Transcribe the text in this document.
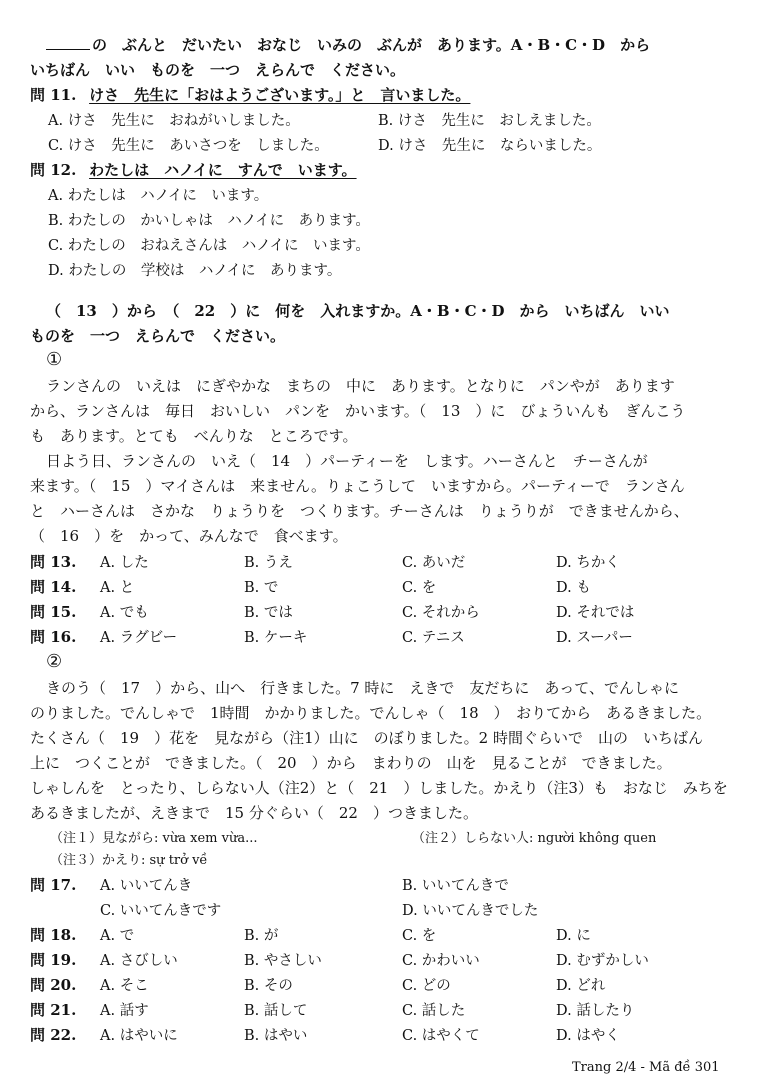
の　ぶんと　だいたい　おなじ　いみの　ぶんが　あります。A・B・C・D　から
いちばん　いい　ものを　一つ　えらんで　ください。
問 11. けさ　先生に「おはようございます。」と　言いました。
A. けさ　先生に　おねがいしました。	B. けさ　先生に　おしえました。
C. けさ　先生に　あいさつを　しました。	D. けさ　先生に　ならいました。
問 12. わたしは　ハノイに　すんで　います。
A. わたしは　ハノイに　います。
B. わたしの　かいしゃは　ハノイに　あります。
C. わたしの　おねえさんは　ハノイに　います。
D. わたしの　学校は　ハノイに　あります。
（　13　）から　（　22　）に　何を　入れますか。A・B・C・D　から　いちばん　いい
ものを　一つ　えらんで　ください。
①
ランさんの　いえは　にぎやかな　まちの　中に　あります。となりに　パンやが　あります
から、ランさんは　毎日　おいしい　パンを　かいます。（　13　）に　びょういんも　ぎんこう
も　あります。とても　べんりな　ところです。
日よう日、ランさんの　いえ（　14　）パーティーを　します。ハーさんと　チーさんが
来ます。（　15　）マイさんは　来ません。りょこうして　いますから。パーティーで　ランさん
と　ハーさんは　さかな　りょうりを　つくります。チーさんは　りょうりが　できませんから、
（　16　）を　かって、みんなで　食べます。
問 13. A. した	B. うえ	C. あいだ	D. ちかく
問 14. A. と	B. で	C. を	D. も
問 15. A. でも	B. では	C. それから	D. それでは
問 16. A. ラグビー	B. ケーキ	C. テニス	D. スーパー
②
きのう（　17　）から、山へ　行きました。7 時に　えきで　友だちに　あって、でんしゃに
のりました。でんしゃで　1時間　かかりました。でんしゃ（　18　）　おりてから　あるきました。
たくさん（　19　）花を　見ながら（注1）山に　のぼりました。2 時間ぐらいで　山の　いちばん
上に　つくことが　できました。（　20　）から　まわりの　山を　見ることが　できました。
しゃしんを　とったり、しらない人（注2）と（　21　）しました。かえり（注3）も　おなじ　みちを
あるきましたが、えきまで　15 分ぐらい（　22　）つきました。
（注１）見ながら: vừa xem vừa...	（注２）しらない人: người không quen
（注３）かえり: sự trở về
問 17. A. いいてんき	B. いいてんきで
C. いいてんきです	D. いいてんきでした
問 18. A. で	B. が	C. を	D. に
問 19. A. さびしい	B. やさしい	C. かわいい	D. むずかしい
問 20. A. そこ	B. その	C. どの	D. どれ
問 21. A. 話す	B. 話して	C. 話した	D. 話したり
問 22. A. はやいに	B. はやい	C. はやくて	D. はやく
Trang 2/4 - Mã đề 301
